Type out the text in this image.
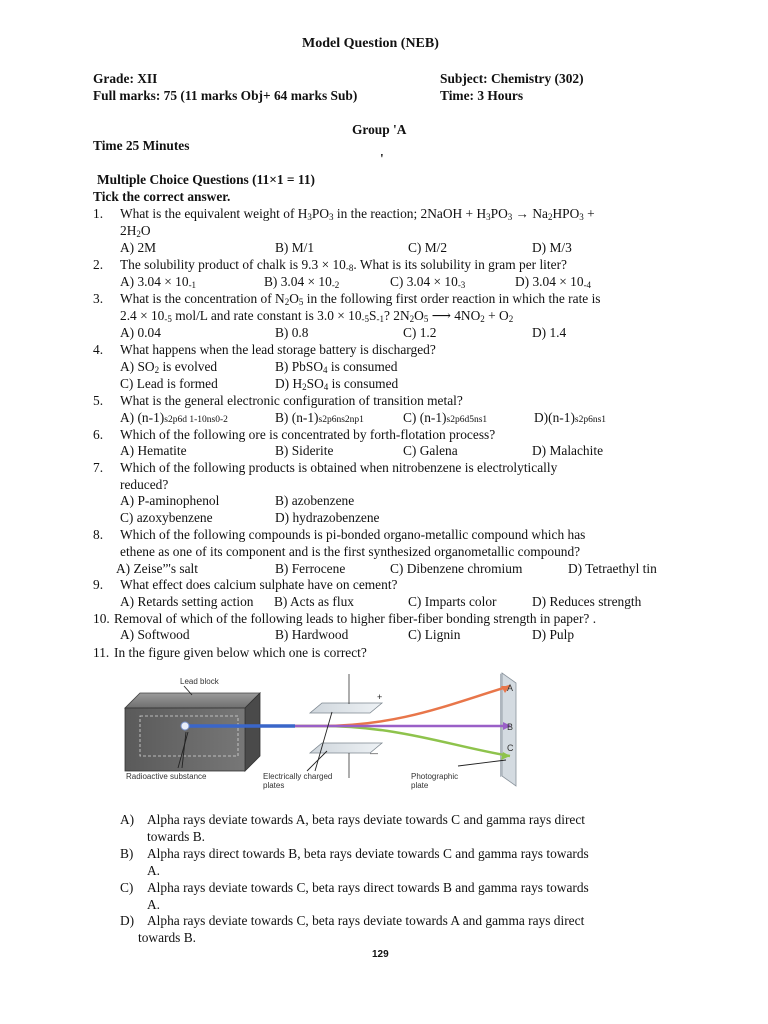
Model Question (NEB)
Grade: XII	Subject: Chemistry (302)
Full marks: 75 (11 marks Obj+ 64 marks Sub)	Time: 3 Hours
Group 'A
Time 25 Minutes
'
Multiple Choice Questions (11×1 = 11)
Tick the correct answer.
1. What is the equivalent weight of $H_3PO_3$ in the reaction; 2NaOH + $H_3PO_3 \to Na_2HPO_3$ +
$2H_2O$
A) 2M	B) M/1	C) M/2	D) M/3
2. The solubility product of chalk is $9.3 \times 10_{-8}$. What is its solubility in gram per liter?
A) $3.04 \times 10_{-1}$	B) $3.04 \times 10_{-2}$	C) $3.04 \times 10_{-3}$	D) $3.04 \times 10_{-4}$
3. What is the concentration of $N_2O_5$ in the following first order reaction in which the rate is
$2.4 \times 10_{-5}$ mol/L and rate constant is $3.0 \times 10_{-5}S_{-1}$? $2N_2O_5$ ⟶ $4NO_2 + O_2$
A) 0.04	B) 0.8	C) 1.2	D) 1.4
4. What happens when the lead storage battery is discharged?
A) $SO_2$ is evolved	B) PbSO$_4$ is consumed
C) Lead is formed	D) $H_2SO_4$ is consumed
5. What is the general electronic configuration of transition metal?
A) (n-1)s2p6d 1-10ns0-2	B) (n-1)s2p6ns2np1	C) (n-1)s2p6d5ns1	D)(n-1)s2p6ns1
6. Which of the following ore is concentrated by forth-flotation process?
A) Hematite	B) Siderite	C) Galena	D) Malachite
7. Which of the following products is obtained when nitrobenzene is electrolytically
reduced?
A) P-aminophenol	B) azobenzene
C) azoxybenzene	D) hydrazobenzene
8. Which of the following compounds is pi-bonded organo-metallic compound which has
ethene as one of its component and is the first synthesized organometallic compound?
A) Zeise”'s salt	B) Ferrocene	C) Dibenzene chromium	D) Tetraethyl tin
9. What effect does calcium sulphate have on cement?
A) Retards setting action B) Acts as flux	C) Imparts color	D) Reduces strength
10. Removal of which of the following leads to higher fiber-fiber bonding strength in paper? .
A) Softwood	B) Hardwood	C) Lignin	D) Pulp
11. In the figure given below which one is correct?
+
—
A
B
C
Lead block
Radioactive substance	Electrically charged
plates
Photographic
plate
A) Alpha rays deviate towards A, beta rays deviate towards C and gamma rays direct
towards B.
B) Alpha rays direct towards B, beta rays deviate towards C and gamma rays towards
A.
C) Alpha rays deviate towards C, beta rays direct towards B and gamma rays towards
A.
D) Alpha rays deviate towards C, beta rays deviate towards A and gamma rays direct
towards B.
129
